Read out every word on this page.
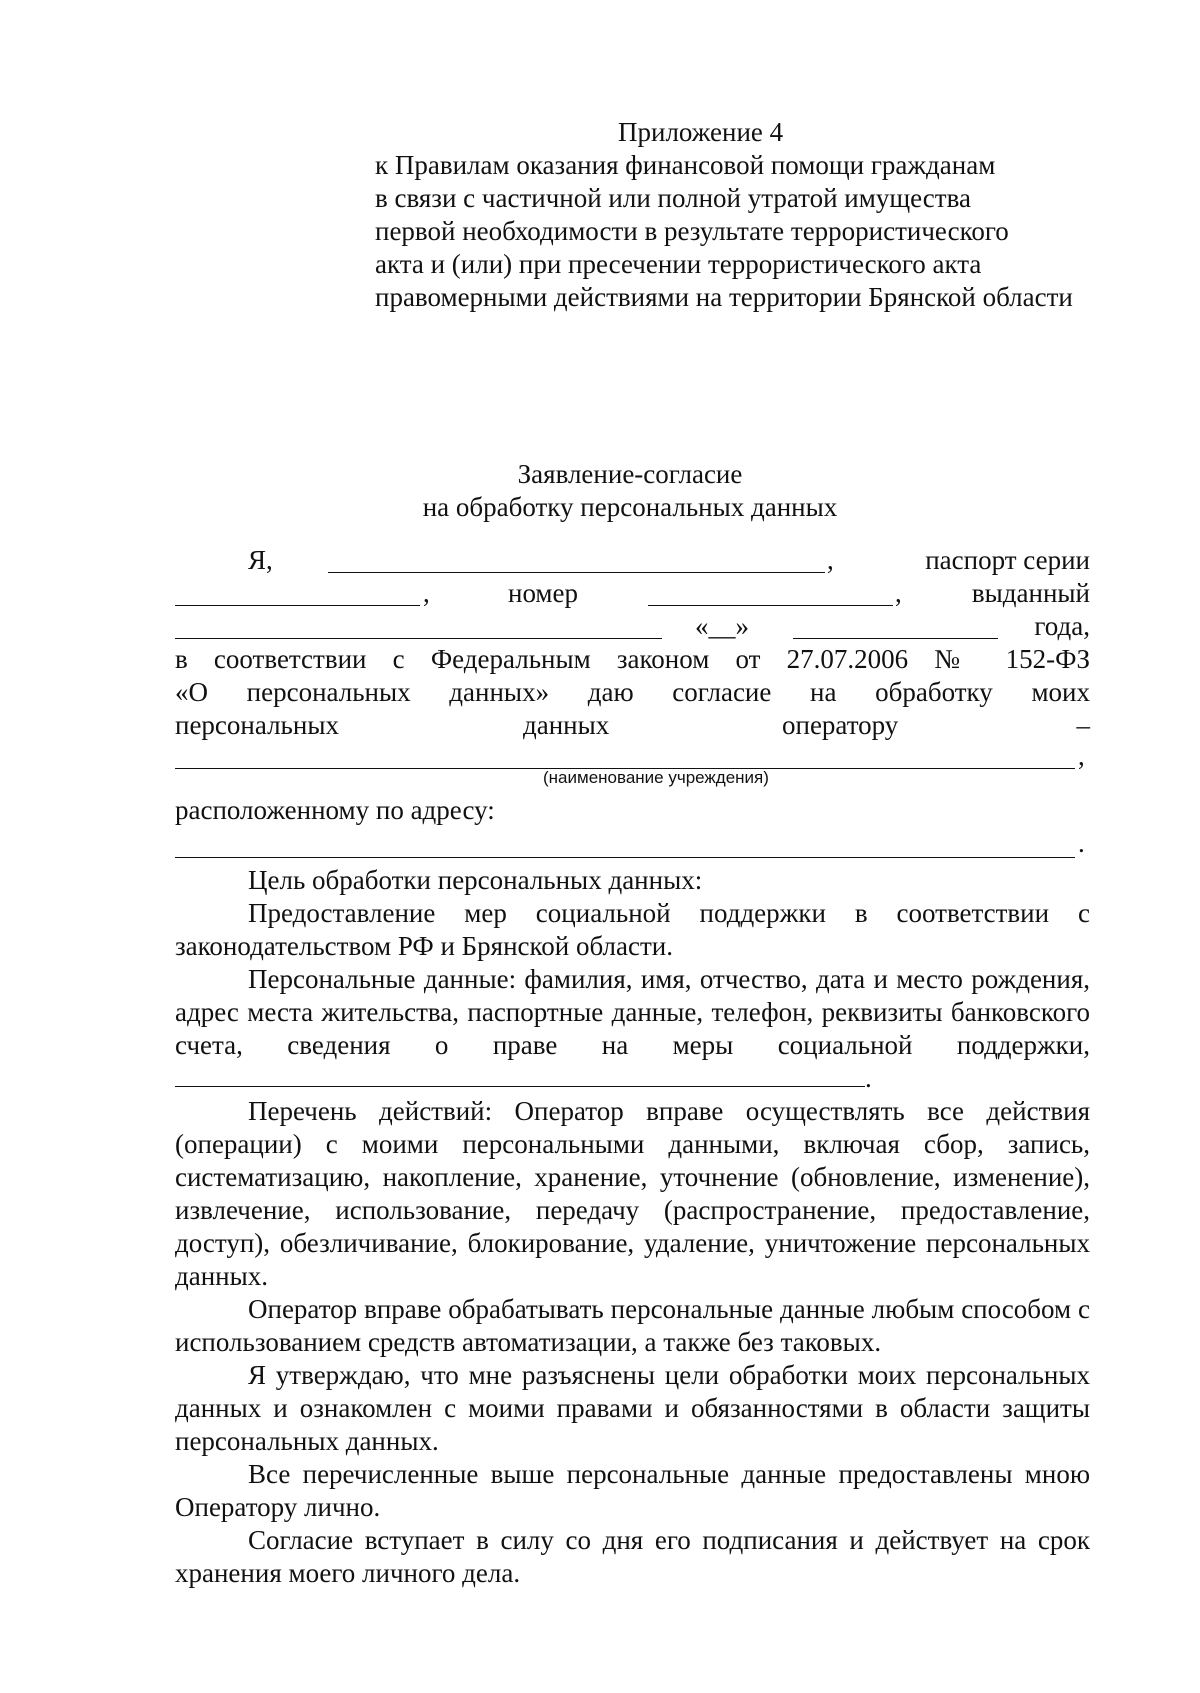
Приложение 4
к Правилам оказания финансовой помощи гражданам
в связи с частичной или полной утратой имущества
первой необходимости в результате террористического
акта и (или) при пресечении террористического акта
правомерными действиями на территории Брянской области
Заявление-согласие
на обработку персональных данных
Я,	,	паспорт серии
,	номер	,	выданный
«__»	года,
в соответствии с Федеральным законом от 27.07.2006 № 152-ФЗ
«О персональных данных» даю согласие на обработку моих
персональных	данных	оператору	–
,
(наименование учреждения)
расположенному по адресу:
.

Цель обработки персональных данных:

Предоставление мер социальной поддержки в соответствии с законодательством РФ и Брянской области.

Персональные данные: фамилия, имя, отчество, дата и место рождения, адрес места жительства, паспортные данные, телефон, реквизиты банковского счета, сведения о праве на меры социальной поддержки, .

Перечень действий: Оператор вправе осуществлять все действия (операции) с моими персональными данными, включая сбор, запись, систематизацию, накопление, хранение, уточнение (обновление, изменение), извлечение, использование, передачу (распространение, предоставление, доступ), обезличивание, блокирование, удаление, уничтожение персональных данных.

Оператор вправе обрабатывать персональные данные любым способом с использованием средств автоматизации, а также без таковых.

Я утверждаю, что мне разъяснены цели обработки моих персональных данных и ознакомлен с моими правами и обязанностями в области защиты персональных данных.

Все перечисленные выше персональные данные предоставлены мною Оператору лично.

Согласие вступает в силу со дня его подписания и действует на срок хранения моего личного дела.
